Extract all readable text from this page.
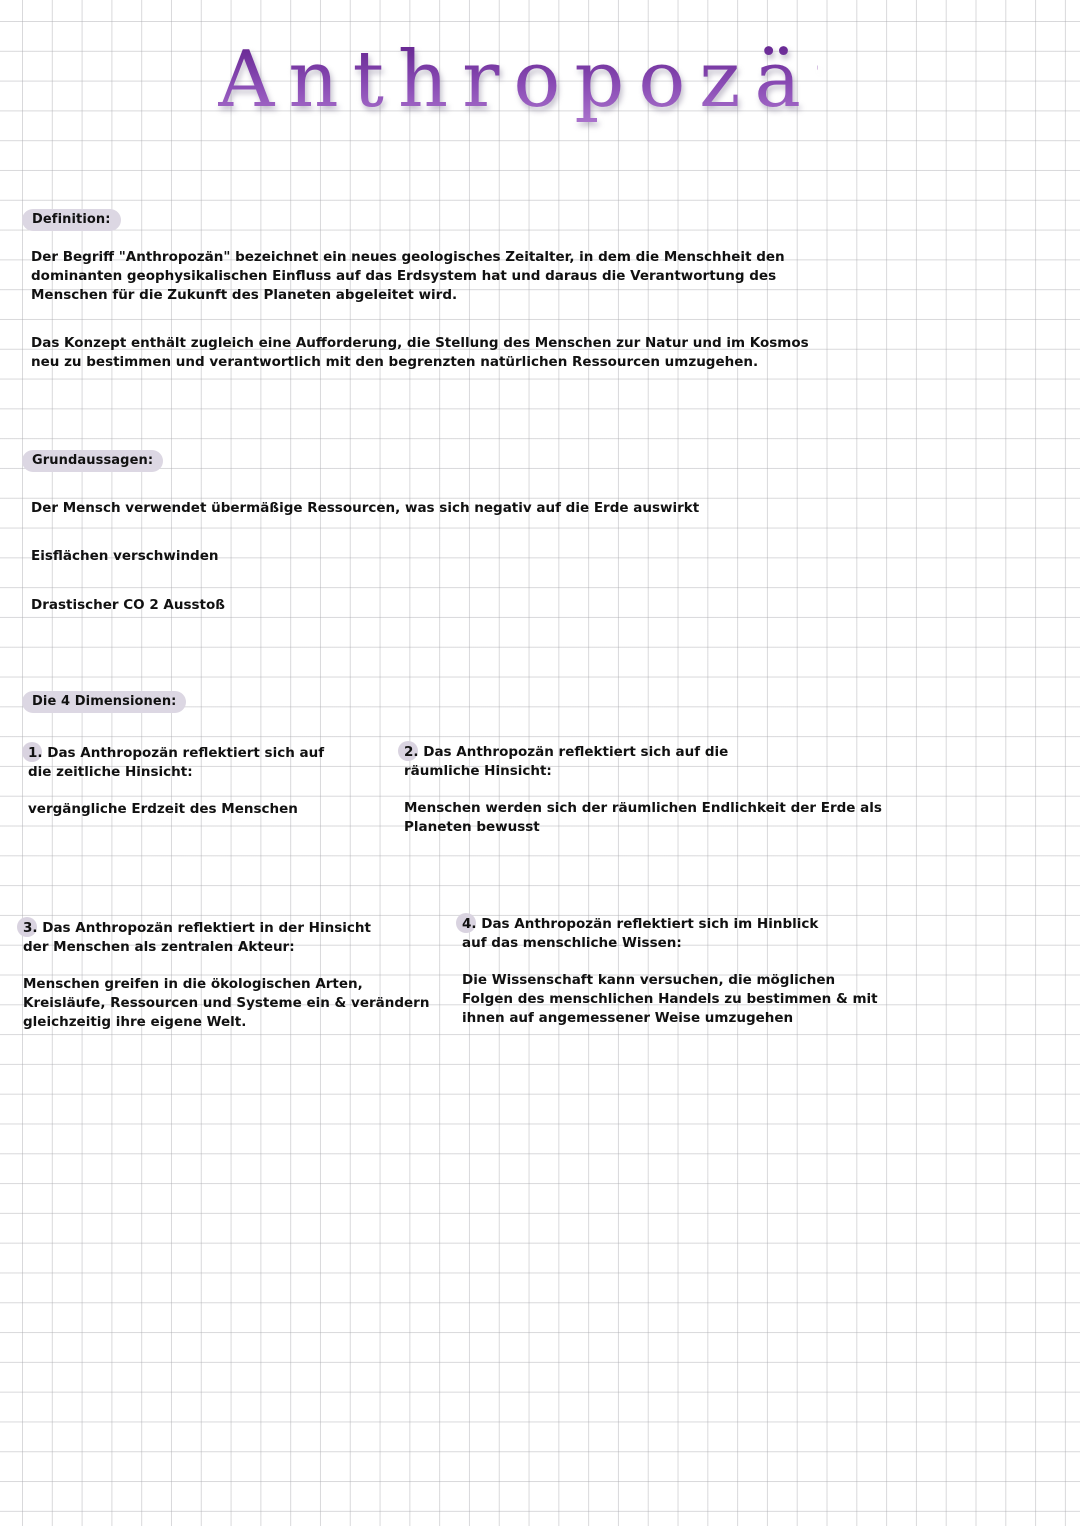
Anthropozän
Definition:
Der Begriff "Anthropozän" bezeichnet ein neues geologisches Zeitalter, in dem die Menschheit den
dominanten geophysikalischen Einfluss auf das Erdsystem hat und daraus die Verantwortung des
Menschen für die Zukunft des Planeten abgeleitet wird.
Das Konzept enthält zugleich eine Aufforderung, die Stellung des Menschen zur Natur und im Kosmos
neu zu bestimmen und verantwortlich mit den begrenzten natürlichen Ressourcen umzugehen.
Grundaussagen:
Der Mensch verwendet übermäßige Ressourcen, was sich negativ auf die Erde auswirkt
Eisflächen verschwinden
Drastischer CO 2 Ausstoß
Die 4 Dimensionen:
1. Das Anthropozän reflektiert sich auf
die zeitliche Hinsicht:
vergängliche Erdzeit des Menschen
2. Das Anthropozän reflektiert sich auf die
räumliche Hinsicht:
Menschen werden sich der räumlichen Endlichkeit der Erde als
Planeten bewusst
3. Das Anthropozän reflektiert in der Hinsicht
der Menschen als zentralen Akteur:
Menschen greifen in die ökologischen Arten,
Kreisläufe, Ressourcen und Systeme ein & verändern
gleichzeitig ihre eigene Welt.
4. Das Anthropozän reflektiert sich im Hinblick
auf das menschliche Wissen:
Die Wissenschaft kann versuchen, die möglichen
Folgen des menschlichen Handels zu bestimmen & mit
ihnen auf angemessener Weise umzugehen
